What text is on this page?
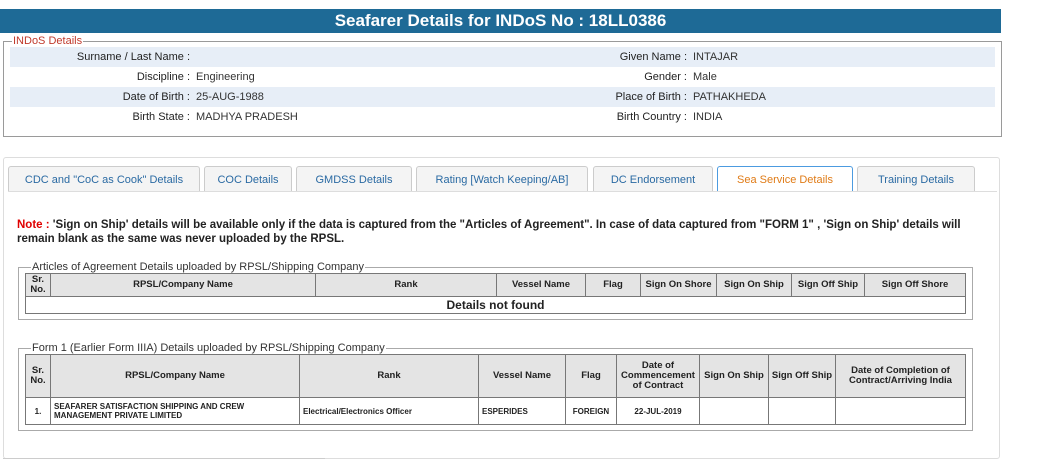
Seafarer Details for INDoS No : 18LL0386
INDoS Details
Surname / Last Name :	Given Name : INTAJAR
Discipline : Engineering	Gender : Male
Date of Birth : 25-AUG-1988	Place of Birth : PATHAKHEDA
Birth State : MADHYA PRADESH	Birth Country : INDIA
CDC and "CoC as Cook" Details	COC Details	GMDSS Details	Rating [Watch Keeping/AB]	DC Endorsement	Sea Service Details	Training Details
Note : 'Sign on Ship' details will be available only if the data is captured from the "Articles of Agreement". In case of data captured from "FORM 1" , 'Sign on Ship' details will remain blank as the same was never uploaded by the RPSL.
Articles of Agreement Details uploaded by RPSL/Shipping Company
Sr. No.	RPSL/Company Name	Rank	Vessel Name	Flag	Sign On Shore	Sign On Ship	Sign Off Ship	Sign Off Shore
Details not found
Form 1 (Earlier Form IIIA) Details uploaded by RPSL/Shipping Company
Sr. No.	RPSL/Company Name	Rank	Vessel Name	Flag	Date of Commencement of Contract	Sign On Ship	Sign Off Ship	Date of Completion of Contract/Arriving India
1.	SEAFARER SATISFACTION SHIPPING AND CREW MANAGEMENT PRIVATE LIMITED	Electrical/Electronics Officer	ESPERIDES	FOREIGN	22-JUL-2019			
